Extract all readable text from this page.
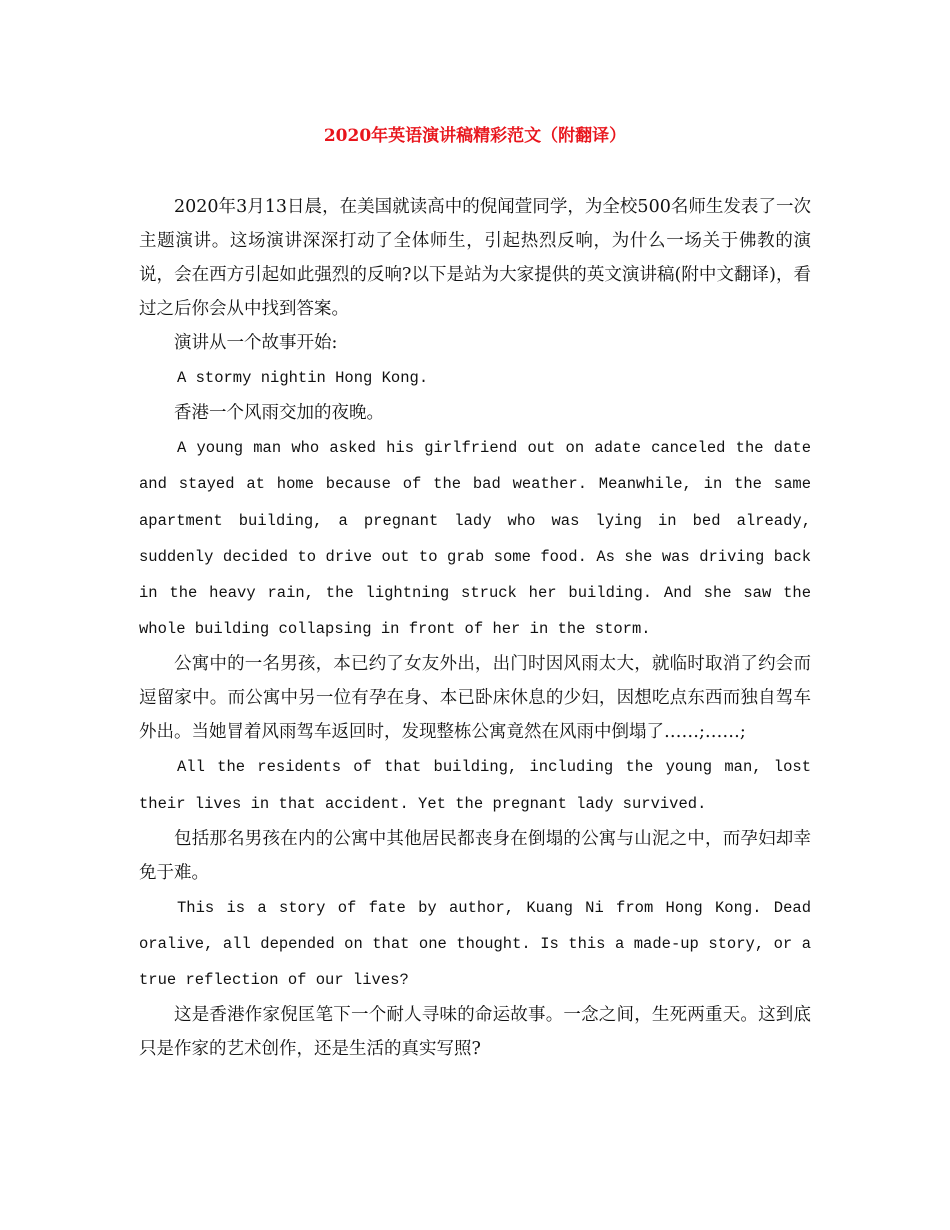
2020年英语演讲稿精彩范文（附翻译）

2020年3月13日晨，在美国就读高中的倪闻萱同学，为全校500名师生发表了一次主题演讲。这场演讲深深打动了全体师生，引起热烈反响，为什么一场关于佛教的演说，会在西方引起如此强烈的反响?以下是站为大家提供的英文演讲稿(附中文翻译)，看过之后你会从中找到答案。

演讲从一个故事开始:

A stormy nightin Hong Kong.

香港一个风雨交加的夜晚。

A young man who asked his girlfriend out on adate canceled the date and stayed at home because of the bad weather. Meanwhile, in the same apartment building, a pregnant lady who was lying in bed already, suddenly decided to drive out to grab some food. As she was driving back in the heavy rain, the lightning struck her building. And she saw the whole building collapsing in front of her in the storm.

公寓中的一名男孩，本已约了女友外出，出门时因风雨太大，就临时取消了约会而逗留家中。而公寓中另一位有孕在身、本已卧床休息的少妇，因想吃点东西而独自驾车外出。当她冒着风雨驾车返回时，发现整栋公寓竟然在风雨中倒塌了……;……;

All the residents of that building, including the young man, lost their lives in that accident. Yet the pregnant lady survived.

包括那名男孩在内的公寓中其他居民都丧身在倒塌的公寓与山泥之中，而孕妇却幸免于难。

This is a story of fate by author, Kuang Ni from Hong Kong. Dead oralive, all depended on that one thought. Is this a made-up story, or a true reflection of our lives?

这是香港作家倪匡笔下一个耐人寻味的命运故事。一念之间，生死两重天。这到底只是作家的艺术创作，还是生活的真实写照?
